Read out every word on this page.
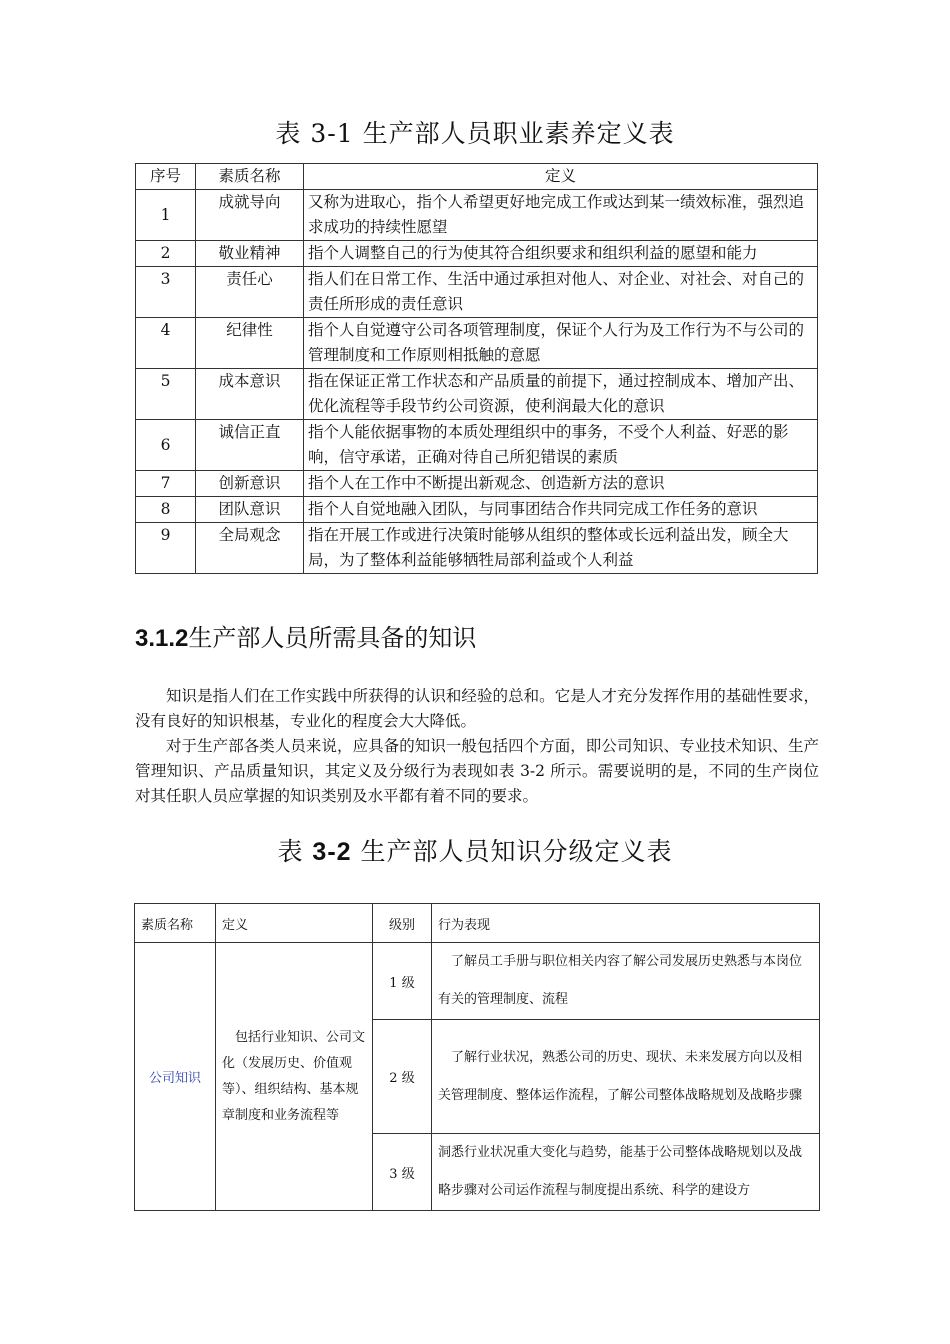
表 3-1 生产部人员职业素养定义表
序号	素质名称	定义
1	成就导向	又称为进取心，指个人希望更好地完成工作或达到某一绩效标准，强烈追求成功的持续性愿望
2	敬业精神	指个人调整自己的行为使其符合组织要求和组织利益的愿望和能力
3	责任心	指人们在日常工作、生活中通过承担对他人、对企业、对社会、对自己的责任所形成的责任意识
4	纪律性	指个人自觉遵守公司各项管理制度，保证个人行为及工作行为不与公司的管理制度和工作原则相抵触的意愿
5	成本意识	指在保证正常工作状态和产品质量的前提下，通过控制成本、增加产出、优化流程等手段节约公司资源，使利润最大化的意识
6	诚信正直	指个人能依据事物的本质处理组织中的事务，不受个人利益、好恶的影响，信守承诺，正确对待自己所犯错误的素质
7	创新意识	指个人在工作中不断提出新观念、创造新方法的意识
8	团队意识	指个人自觉地融入团队，与同事团结合作共同完成工作任务的意识
9	全局观念	指在开展工作或进行决策时能够从组织的整体或长远利益出发，顾全大局，为了整体利益能够牺牲局部利益或个人利益
3.1.2生产部人员所需具备的知识
知识是指人们在工作实践中所获得的认识和经验的总和。它是人才充分发挥作用的基础性要求，没有良好的知识根基，专业化的程度会大大降低。
对于生产部各类人员来说，应具备的知识一般包括四个方面，即公司知识、专业技术知识、生产管理知识、产品质量知识，其定义及分级行为表现如表 3-2 所示。需要说明的是，不同的生产岗位对其任职人员应掌握的知识类别及水平都有着不同的要求。
表 3-2 生产部人员知识分级定义表
素质名称	定义	级别	行为表现
公司知识	包括行业知识、公司文化（发展历史、价值观等）、组织结构、基本规章制度和业务流程等	1 级	了解员工手册与职位相关内容了解公司发展历史熟悉与本岗位有关的管理制度、流程
		2 级	了解行业状况，熟悉公司的历史、现状、未来发展方向以及相关管理制度、整体运作流程，了解公司整体战略规划及战略步骤
		3 级	洞悉行业状况重大变化与趋势，能基于公司整体战略规划以及战略步骤对公司运作流程与制度提出系统、科学的建设方
